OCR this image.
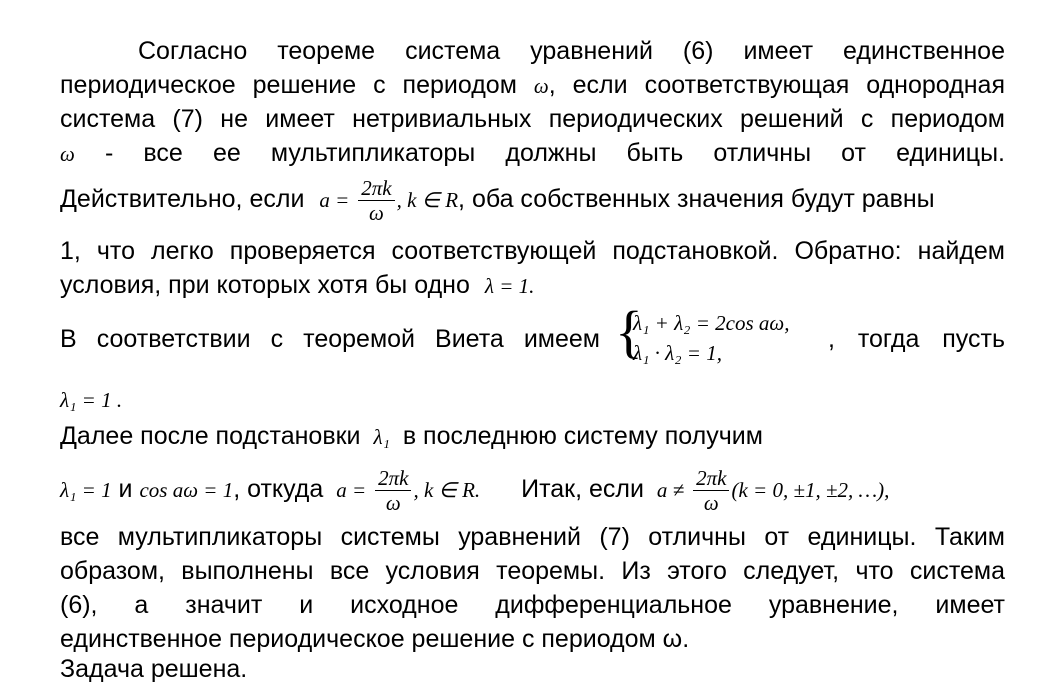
Согласно теореме система уравнений (6) имеет единственное
периодическое решение с периодом ω, если соответствующая однородная
система (7) не имеет нетривиальных периодических решений с периодом
ω - все ее мультипликаторы должны быть отличны от единицы.
Действительно, если $a = \frac{2\pi k}{\omega}$ , k ∈ R, оба собственных значения будут равны
1, что легко проверяется соответствующей подстановкой. Обратно: найдем
условия, при которых хотя бы одно λ = 1.
В соответствии с теоремой Виета имеем {
λ₁ + λ₂ = 2cos aω,
λ₁ · λ₂ = 1,	, тогда пусть
λ₁ = 1 .
Далее после подстановки λ₁ в последнюю систему получим
λ₁ = 1 и cos aω = 1, откуда $a = \frac{2\pi k}{\omega}$ , k ∈ R. Итак, если $a \ne \frac{2\pi k}{\omega} (k = 0$, ±1, ±2, …),
все мультипликаторы системы уравнений (7) отличны от единицы. Таким
образом, выполнены все условия теоремы. Из этого следует, что система
(6), а значит и исходное дифференциальное уравнение, имеет
единственное периодическое решение с периодом ω.
Задача решена.
